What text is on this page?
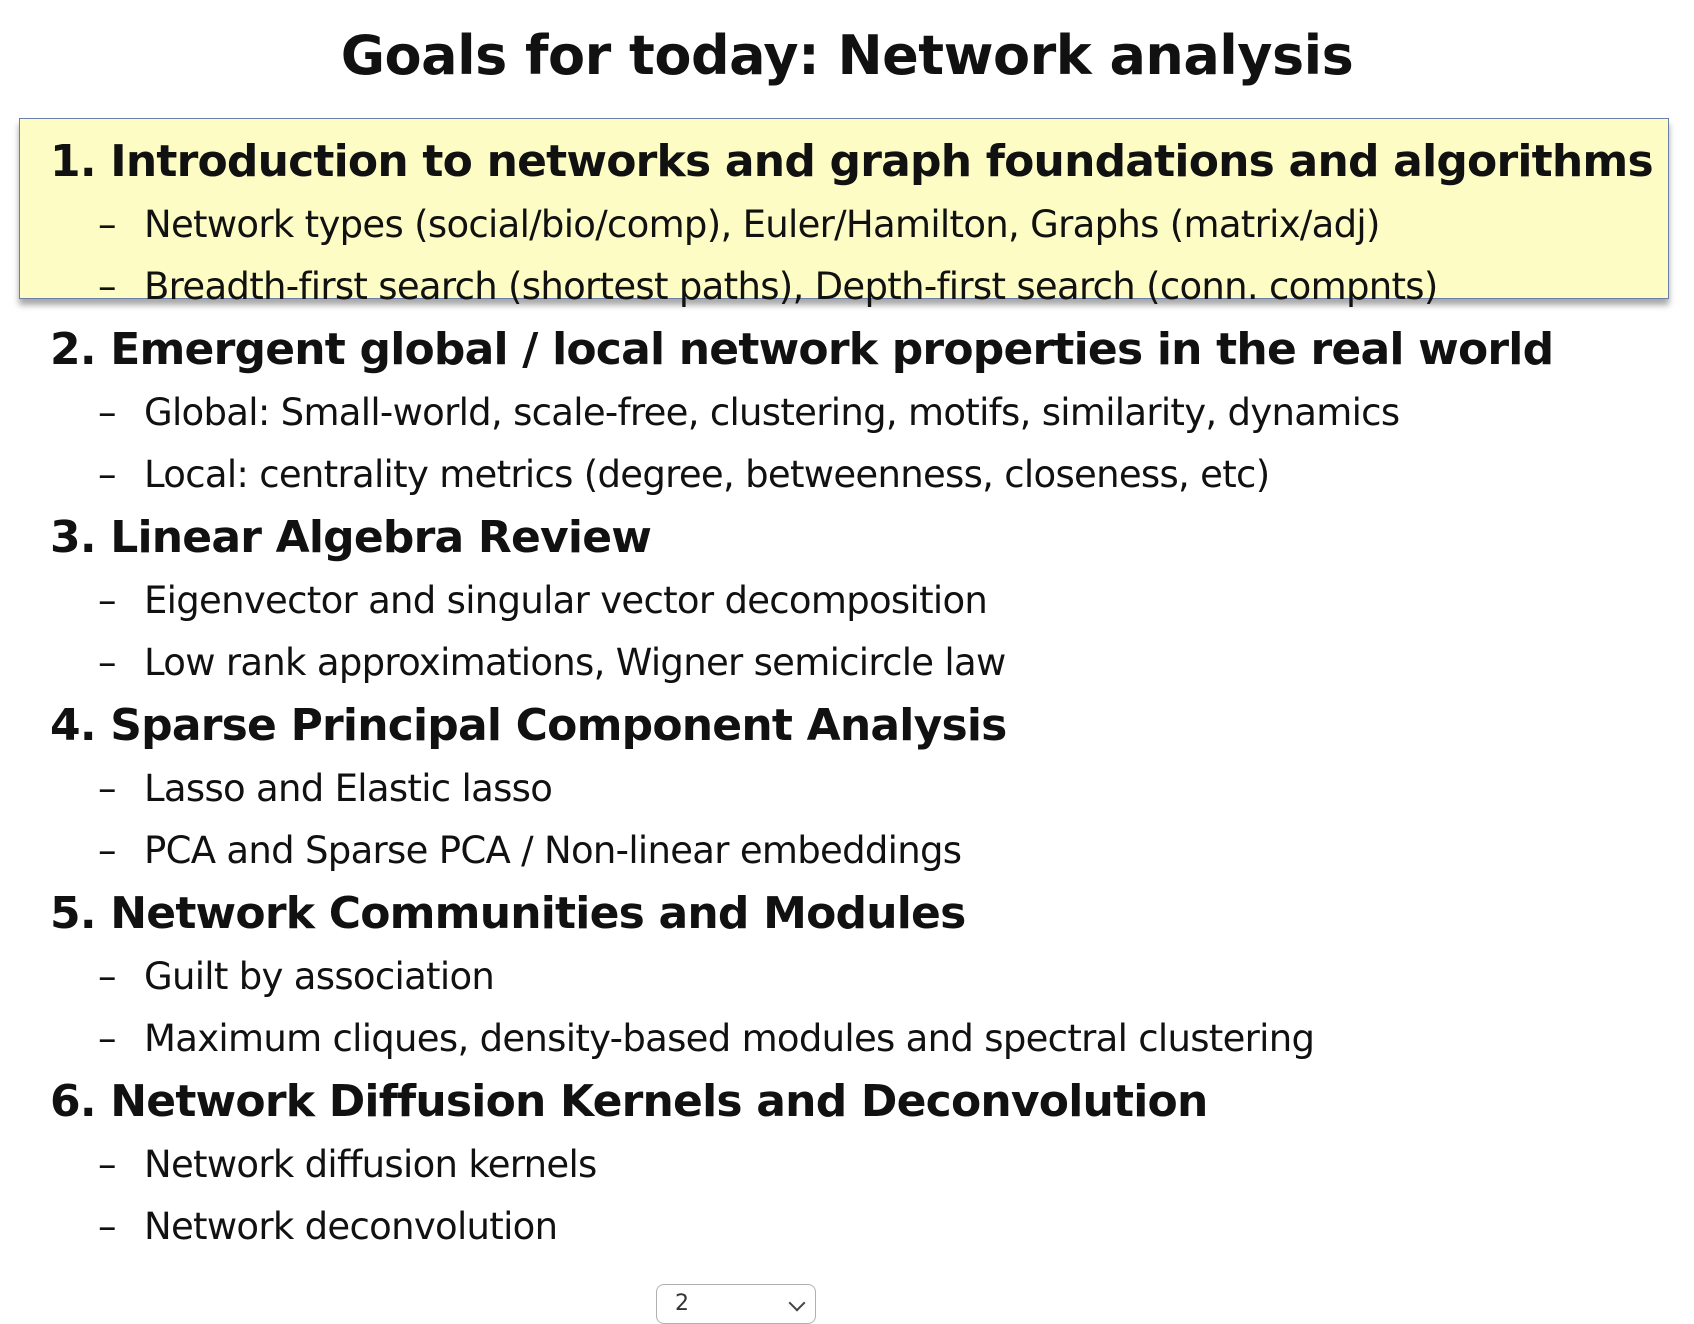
Goals for today: Network analysis
1. Introduction to networks and graph foundations and algorithms
– Network types (social/bio/comp), Euler/Hamilton, Graphs (matrix/adj)
– Breadth-first search (shortest paths), Depth-first search (conn. compnts)
2. Emergent global / local network properties in the real world
– Global: Small-world, scale-free, clustering, motifs, similarity, dynamics
– Local: centrality metrics (degree, betweenness, closeness, etc)
3. Linear Algebra Review
– Eigenvector and singular vector decomposition
– Low rank approximations, Wigner semicircle law
4. Sparse Principal Component Analysis
– Lasso and Elastic lasso
– PCA and Sparse PCA / Non-linear embeddings
5. Network Communities and Modules
– Guilt by association
– Maximum cliques, density-based modules and spectral clustering
6. Network Diffusion Kernels and Deconvolution
– Network diffusion kernels
– Network deconvolution
2
